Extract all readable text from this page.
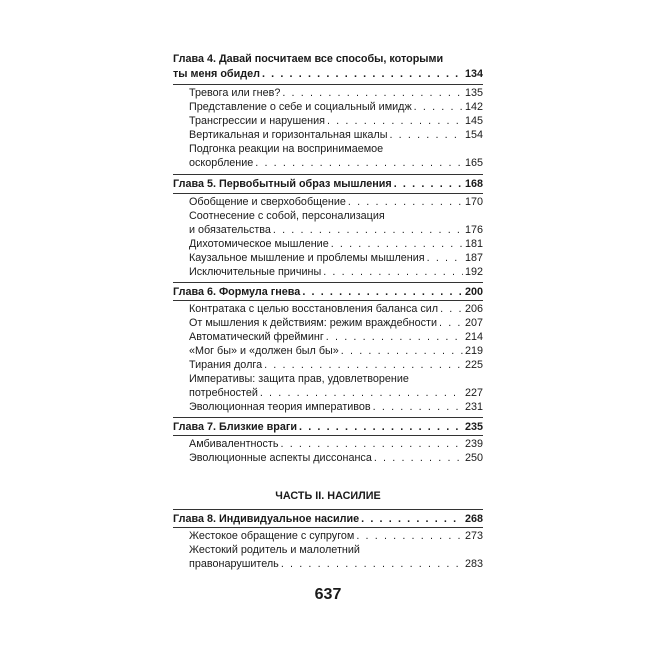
Глава 4. Давай посчитаем все способы, которыми
ты меня обидел . . .	134
Тревога или гнев? . . .	135
Представление о себе и социальный имидж . . .	142
Трансгрессии и нарушения . . .	145
Вертикальная и горизонтальная шкалы . . .	154
Подгонка реакции на воспринимаемое
оскорбление . . .	165
Глава 5. Первобытный образ мышления . . .	168
Обобщение и сверхобобщение . . .	170
Соотнесение с собой, персонализация
и обязательства . . .	176
Дихотомическое мышление . . .	181
Каузальное мышление и проблемы мышления . . .	187
Исключительные причины . . .	192
Глава 6. Формула гнева . . .	200
Контратака с целью восстановления баланса сил . . . 206
От мышления к действиям: режим враждебности . . .	207
Автоматический фрейминг . . .	214
«Мог бы» и «должен был бы» . . .	219
Тирания долга . . .	225
Императивы: защита прав, удовлетворение
потребностей . . .	227
Эволюционная теория императивов . . .	231
Глава 7. Близкие враги . . .	235
Амбивалентность . . .	239
Эволюционные аспекты диссонанса . . .	250
ЧАСТЬ II. НАСИЛИЕ
Глава 8. Индивидуальное насилие . . .	268
Жестокое обращение с супругом . . .	273
Жестокий родитель и малолетний
правонарушитель . . .	283
637
